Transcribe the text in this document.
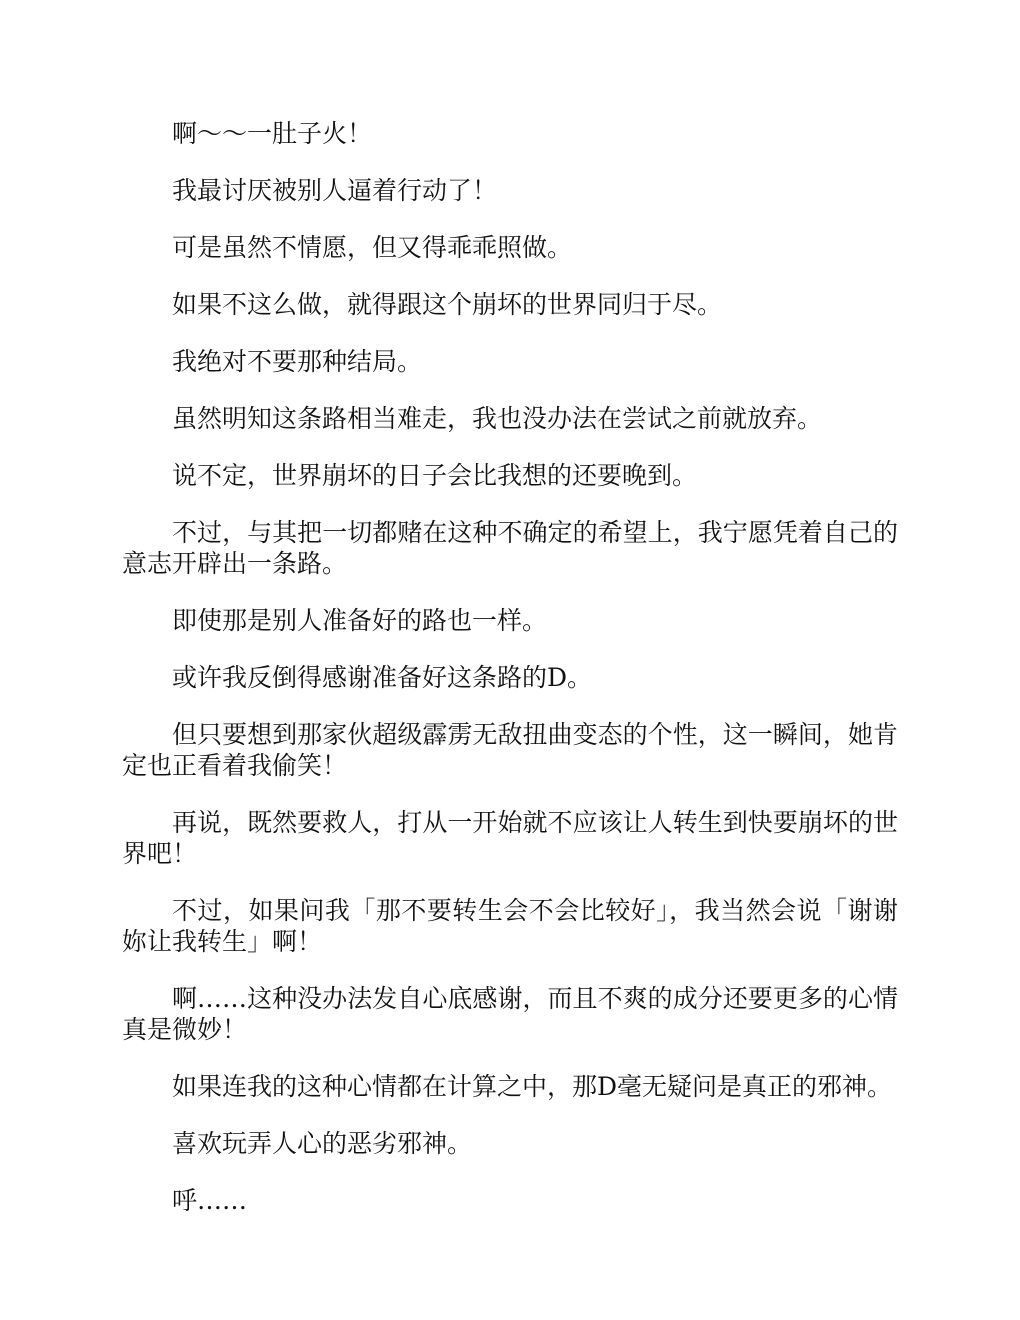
啊～～一肚子火！

我最讨厌被别人逼着行动了！

可是虽然不情愿，但又得乖乖照做。

如果不这么做，就得跟这个崩坏的世界同归于尽。

我绝对不要那种结局。

虽然明知这条路相当难走，我也没办法在尝试之前就放弃。

说不定，世界崩坏的日子会比我想的还要晚到。

不过，与其把一切都赌在这种不确定的希望上，我宁愿凭着自己的意志开辟出一条路。

即使那是别人准备好的路也一样。

或许我反倒得感谢准备好这条路的D。

但只要想到那家伙超级霹雳无敌扭曲变态的个性，这一瞬间，她肯定也正看着我偷笑！

再说，既然要救人，打从一开始就不应该让人转生到快要崩坏的世界吧！

不过，如果问我「那不要转生会不会比较好」，我当然会说「谢谢妳让我转生」啊！

啊……这种没办法发自心底感谢，而且不爽的成分还要更多的心情真是微妙！

如果连我的这种心情都在计算之中，那D毫无疑问是真正的邪神。

喜欢玩弄人心的恶劣邪神。

呼……
